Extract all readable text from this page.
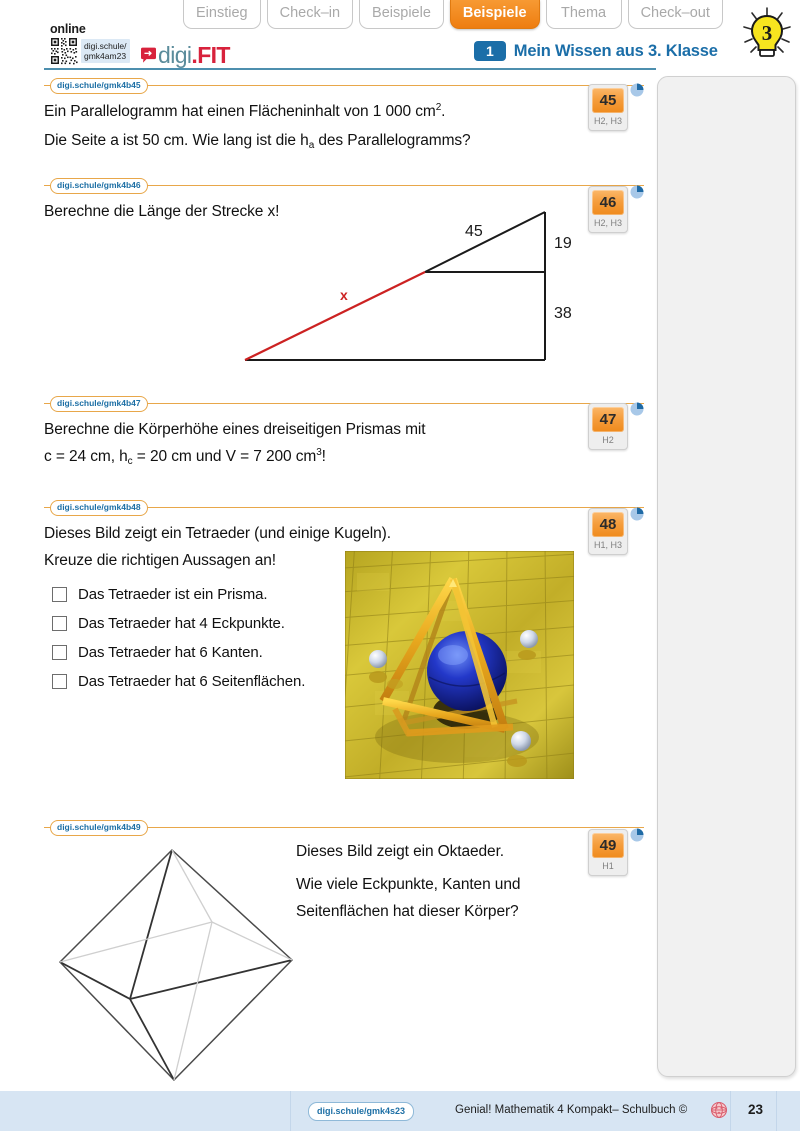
Einstieg	Check–in	Beispiele	Beispiele	Thema	Check–out
3
online
digi.schule/
gmk4am23 digi .FIT	1	Mein Wissen aus 3. Klasse
digi.schule/gmk4b45
Ein Parallelogramm hat einen Flächeninhalt von 1 000 $cm^2$.
Die Seite a ist 50 cm. Wie lang ist die $h_a$ des Parallelogramms?
45
H2, H3
digi.schule/gmk4b46
Berechne die Länge der Strecke x!
46
H2, H3
45
19
38
x
digi.schule/gmk4b47
Berechne die Körperhöhe eines dreiseitigen Prismas mit
c = 24 cm, $h_c = 20$ cm und V = 7 200 $cm^3$!
47
H2
digi.schule/gmk4b48
Dieses Bild zeigt ein Tetraeder (und einige Kugeln).
Kreuze die richtigen Aussagen an!
Das Tetraeder ist ein Prisma.
Das Tetraeder hat 4 Eckpunkte.
Das Tetraeder hat 6 Kanten.
Das Tetraeder hat 6 Seitenflächen.
48
H1, H3
digi.schule/gmk4b49
Dieses Bild zeigt ein Oktaeder.
Wie viele Eckpunkte, Kanten und
Seitenflächen hat dieser Körper?
49
H1
digi.schule/gmk4s23	Genial! Mathematik 4 Kompakt– Schulbuch ©	23
